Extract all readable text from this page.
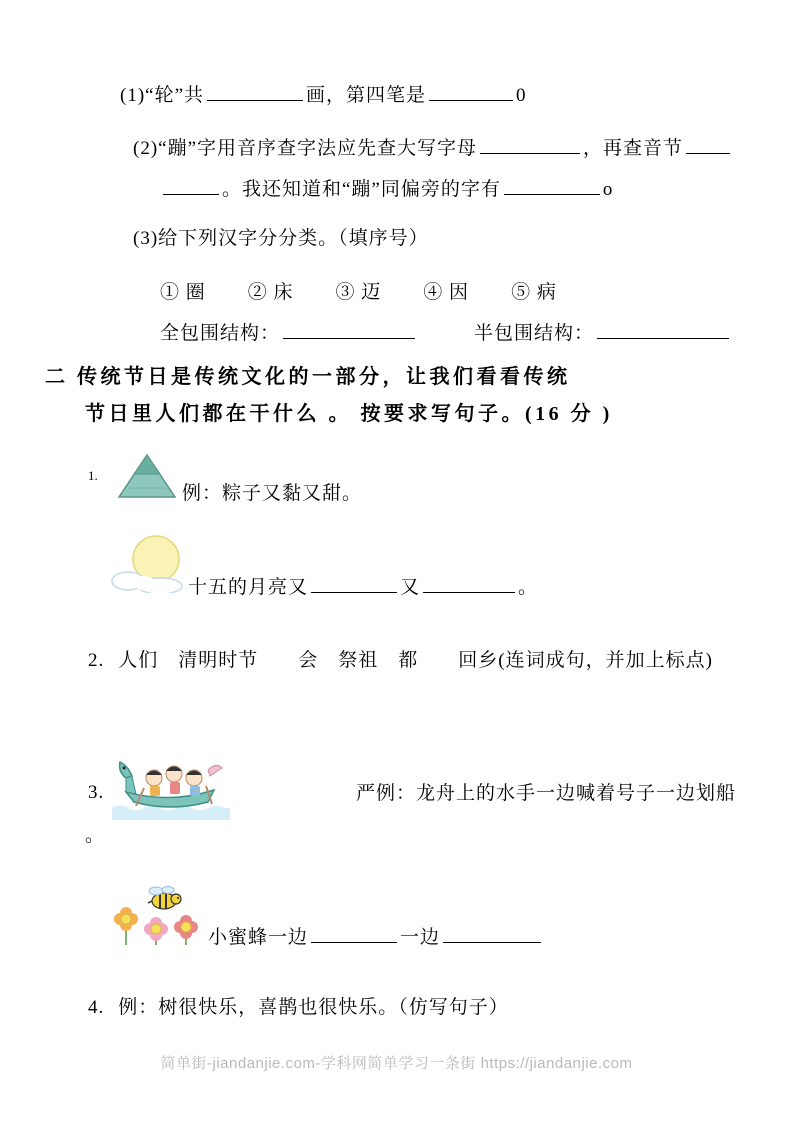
(1)“轮”共	画，第四笔是	0
(2)“蹦”字用音序查字法应先查大写字母	，再查音节
。我还知道和“蹦”同偏旁的字有	o
(3)给下列汉字分分类。（填序号）
① 圈 ② 床 ③ 迈 ④ 因 ⑤ 病
全包围结构：	半包围结构：
二 传统节日是传统文化的一部分，让我们看看传统
节日里人们都在干什么 。 按要求写句子。(16 分 )
1.
例：粽子又黏又甜。
十五的月亮又	又	。
2. 人们　清明时节　　会　祭祖　都　　回乡(连词成句，并加上标点)
3.	严例：龙舟上的水手一边喊着号子一边划船
。
小蜜蜂一边	一边
4. 例：树很快乐，喜鹊也很快乐。（仿写句子）
简单街-jiandanjie.com-学科网简单学习一条街 https://jiandanjie.com
